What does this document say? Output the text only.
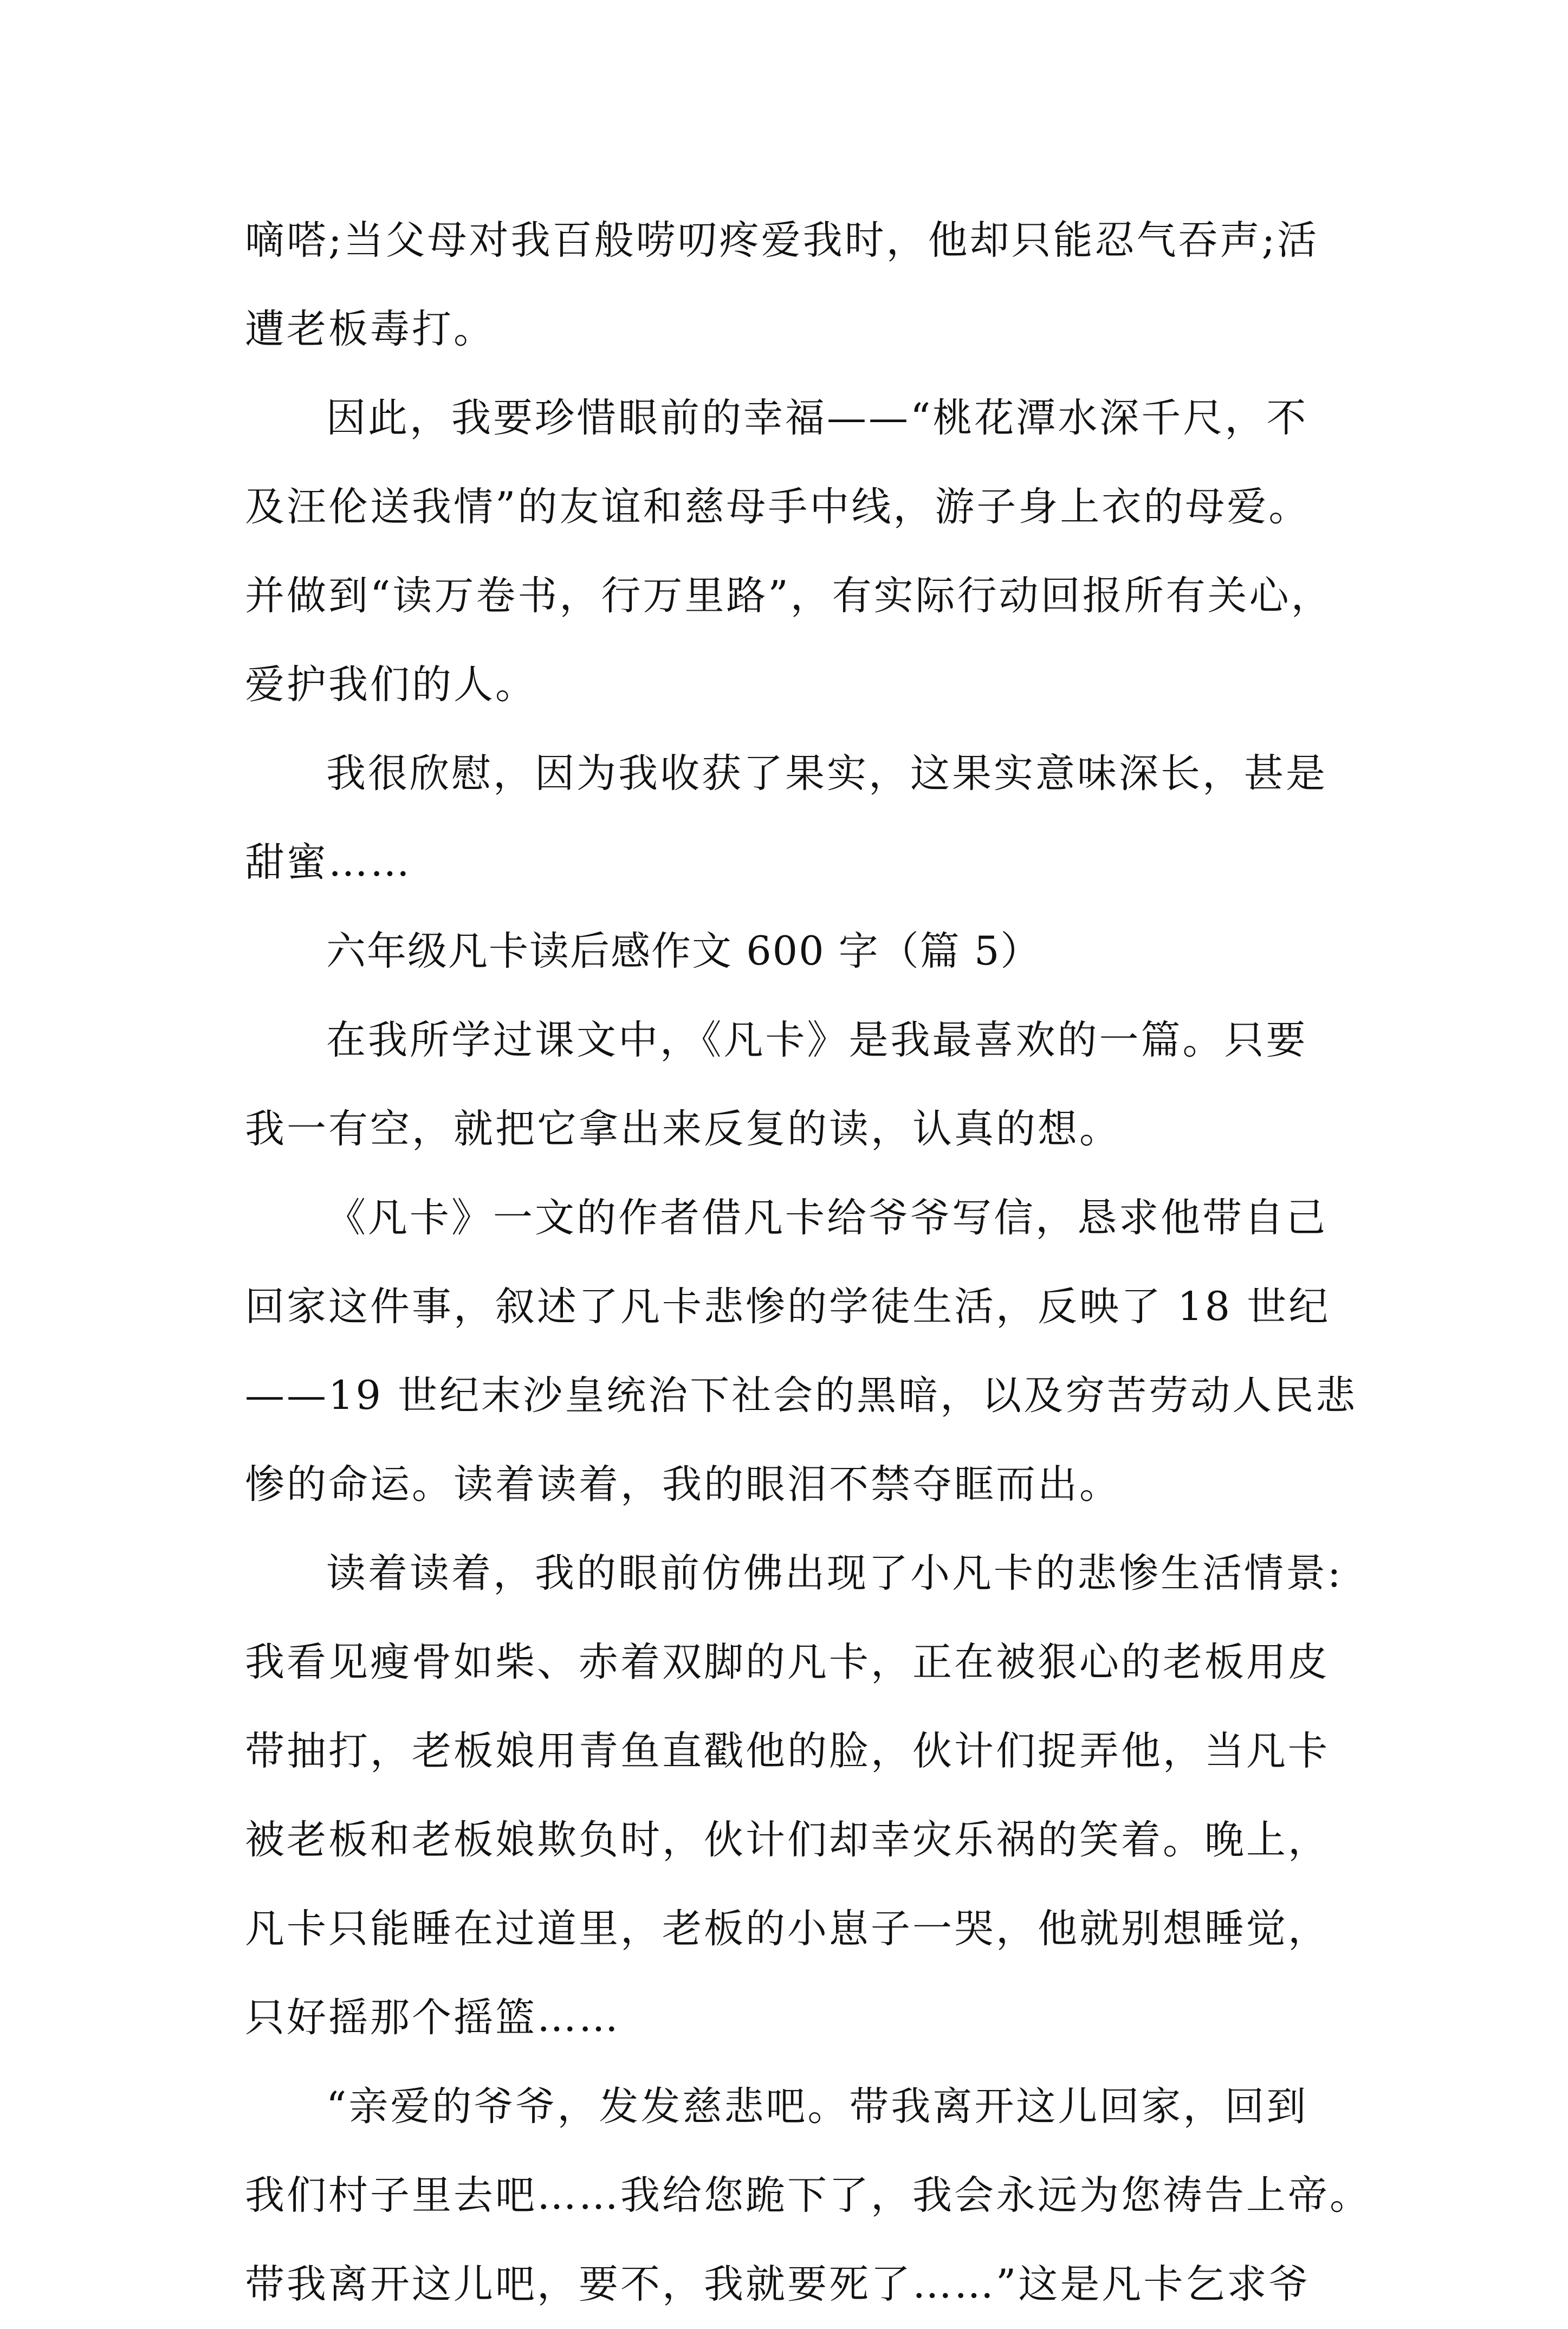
嘀嗒;当父母对我百般唠叨疼爱我时，他却只能忍气吞声;活
遭老板毒打。
因此，我要珍惜眼前的幸福——“桃花潭水深千尺，不
及汪伦送我情”的友谊和慈母手中线，游子身上衣的母爱。
并做到“读万卷书，行万里路”，有实际行动回报所有关心，
爱护我们的人。
我很欣慰，因为我收获了果实，这果实意味深长，甚是
甜蜜……
六年级凡卡读后感作文 600 字（篇 5）
在我所学过课文中，《凡卡》是我最喜欢的一篇。只要
我一有空，就把它拿出来反复的读，认真的想。
《凡卡》一文的作者借凡卡给爷爷写信，恳求他带自己
回家这件事，叙述了凡卡悲惨的学徒生活，反映了 18 世纪
——19 世纪末沙皇统治下社会的黑暗，以及穷苦劳动人民悲
惨的命运。读着读着，我的眼泪不禁夺眶而出。
读着读着，我的眼前仿佛出现了小凡卡的悲惨生活情景:
我看见瘦骨如柴、赤着双脚的凡卡，正在被狠心的老板用皮
带抽打，老板娘用青鱼直戳他的脸，伙计们捉弄他，当凡卡
被老板和老板娘欺负时，伙计们却幸灾乐祸的笑着。晚上，
凡卡只能睡在过道里，老板的小崽子一哭，他就别想睡觉，
只好摇那个摇篮……
“亲爱的爷爷，发发慈悲吧。带我离开这儿回家，回到
我们村子里去吧……我给您跪下了，我会永远为您祷告上帝。
带我离开这儿吧，要不，我就要死了……”这是凡卡乞求爷
